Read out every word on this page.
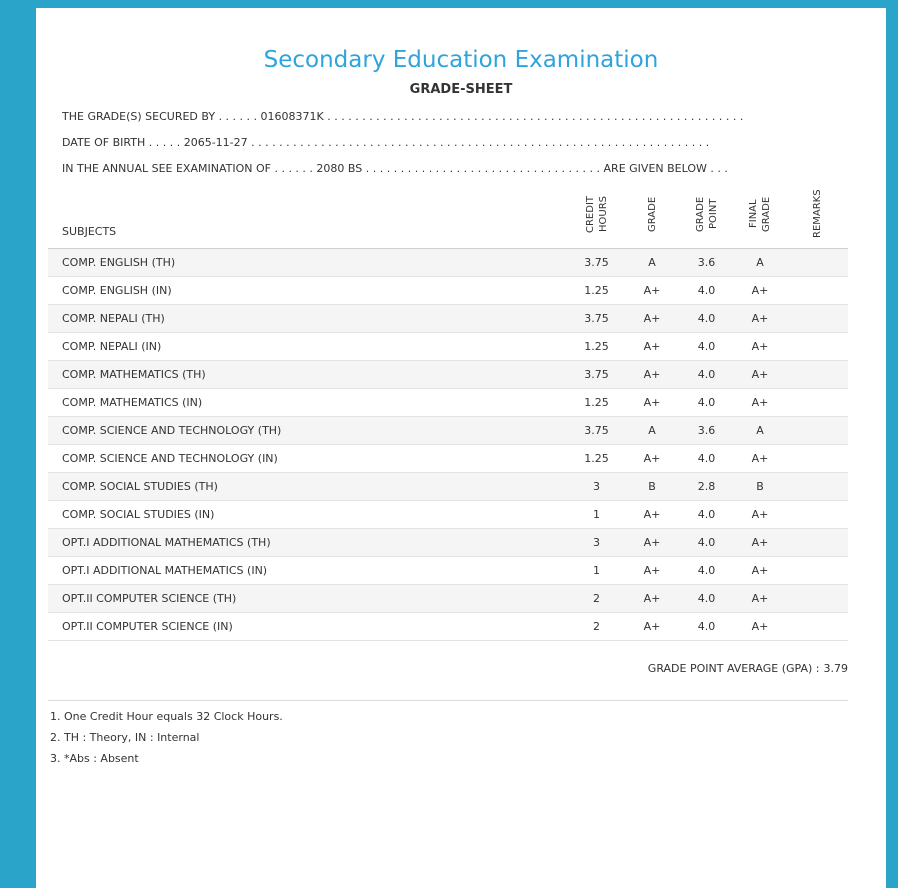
Secondary Education Examination
GRADE-SHEET

THE GRADE(S) SECURED BY . . . . . . 01608371K . . . . . . . . . . . . . . . . . . . . . . . . . . . . . . . . . . . . . . . . . . . . . . . . . . . . . . . . . . . .

DATE OF BIRTH . . . . . 2065-11-27 . . . . . . . . . . . . . . . . . . . . . . . . . . . . . . . . . . . . . . . . . . . . . . . . . . . . . . . . . . . . . . . . . .

IN THE ANNUAL SEE EXAMINATION OF . . . . . . 2080 BS . . . . . . . . . . . . . . . . . . . . . . . . . . . . . . . . . . ARE GIVEN BELOW . . .

SUBJECTS	CREDIT HOURS	GRADE	GRADE POINT	FINAL GRADE	REMARKS
COMP. ENGLISH (TH)	3.75	A	3.6	A	
COMP. ENGLISH (IN)	1.25	A+	4.0	A+	
COMP. NEPALI (TH)	3.75	A+	4.0	A+	
COMP. NEPALI (IN)	1.25	A+	4.0	A+	
COMP. MATHEMATICS (TH)	3.75	A+	4.0	A+	
COMP. MATHEMATICS (IN)	1.25	A+	4.0	A+	
COMP. SCIENCE AND TECHNOLOGY (TH)	3.75	A	3.6	A	
COMP. SCIENCE AND TECHNOLOGY (IN)	1.25	A+	4.0	A+	
COMP. SOCIAL STUDIES (TH)	3	B	2.8	B	
COMP. SOCIAL STUDIES (IN)	1	A+	4.0	A+	
OPT.I ADDITIONAL MATHEMATICS (TH)	3	A+	4.0	A+	
OPT.I ADDITIONAL MATHEMATICS (IN)	1	A+	4.0	A+	
OPT.II COMPUTER SCIENCE (TH)	2	A+	4.0	A+	
OPT.II COMPUTER SCIENCE (IN)	2	A+	4.0	A+	
GRADE POINT AVERAGE (GPA) : 3.79

1. One Credit Hour equals 32 Clock Hours.

2. TH : Theory, IN : Internal

3. *Abs : Absent
